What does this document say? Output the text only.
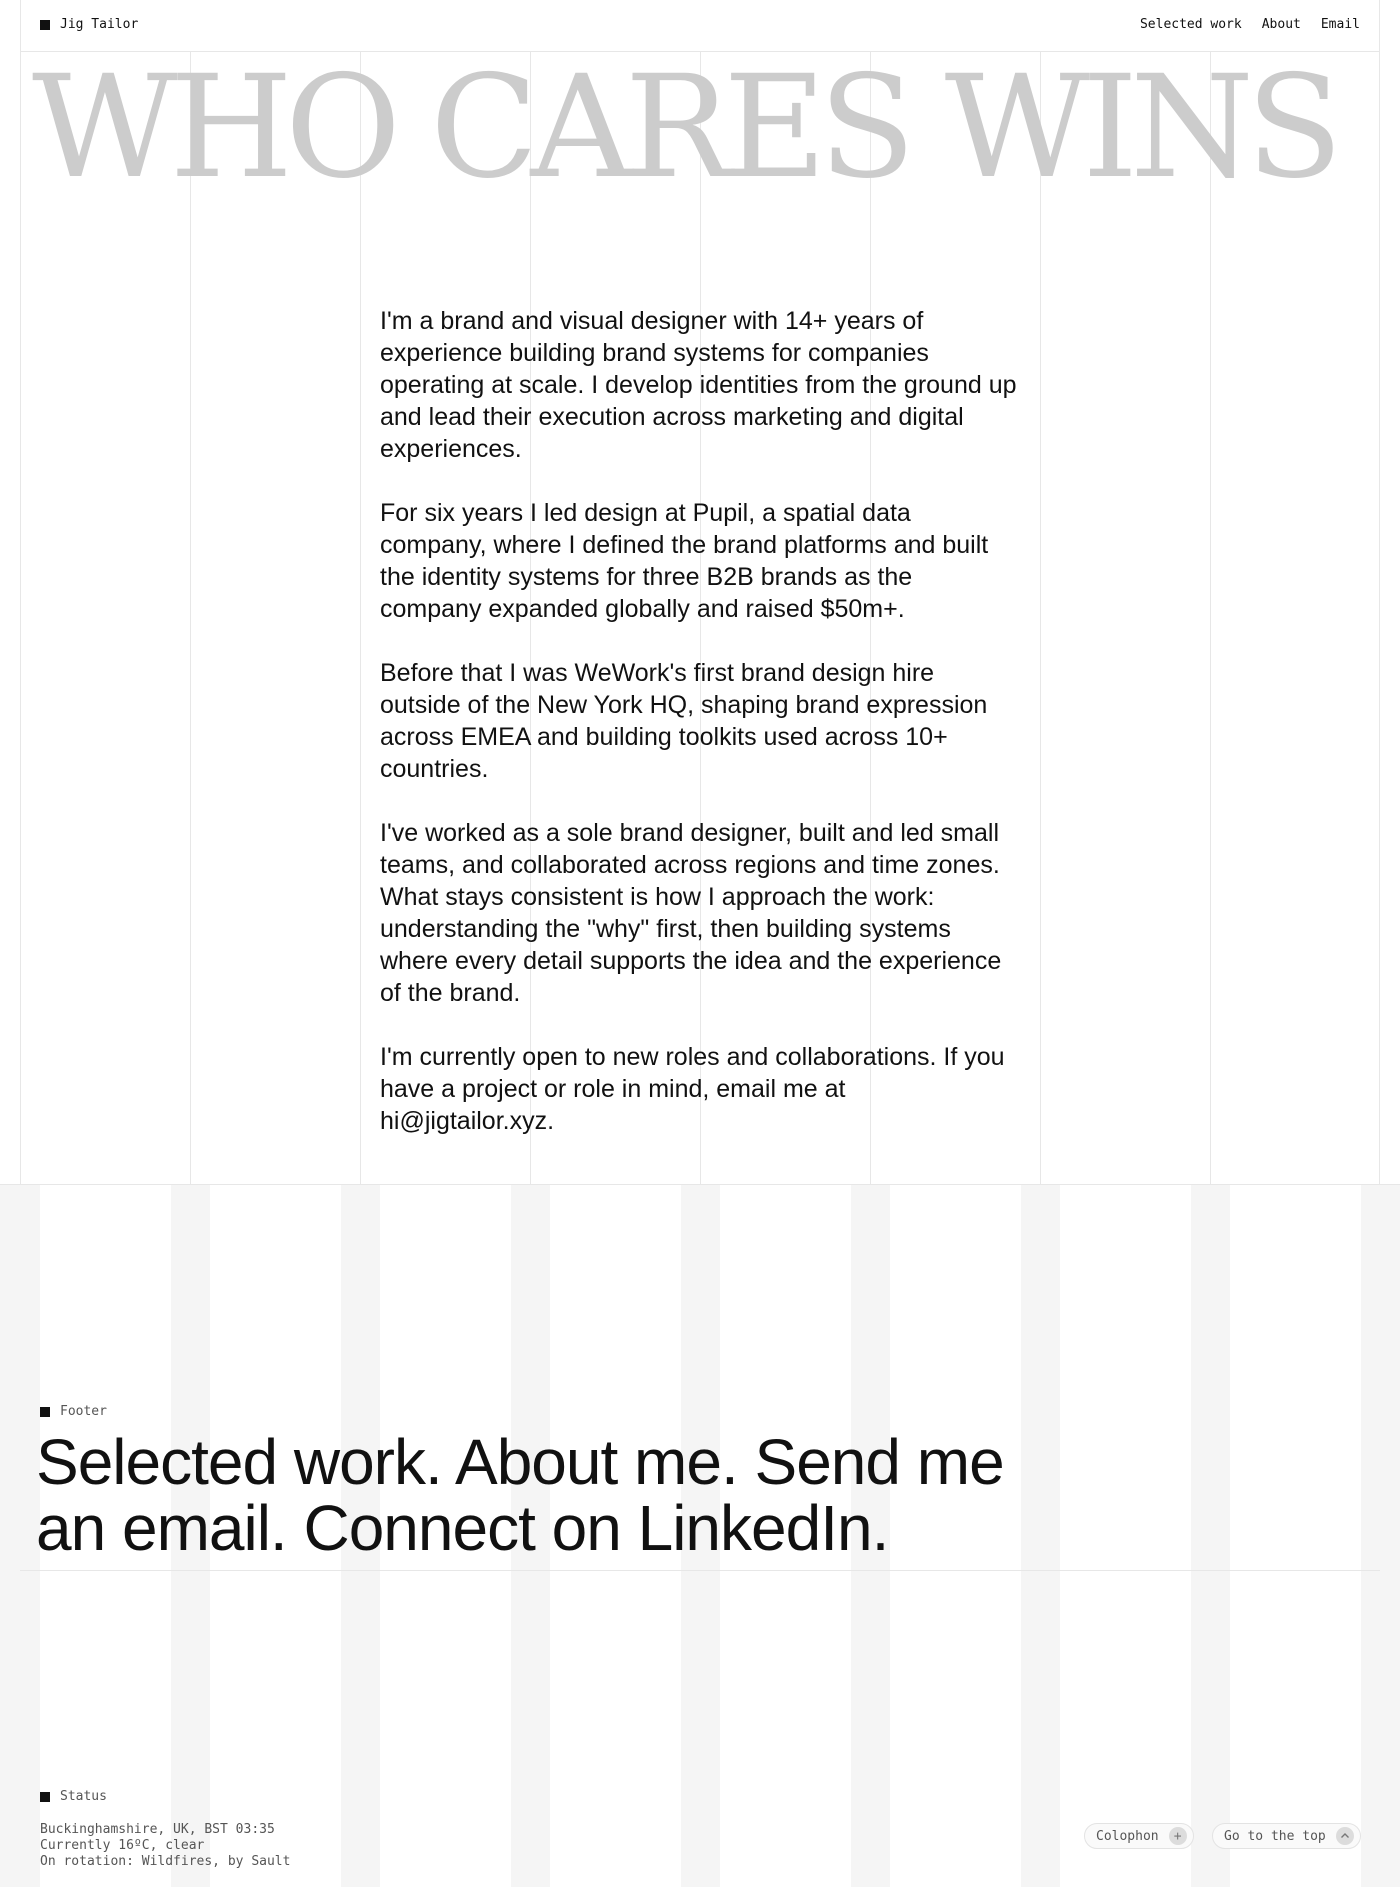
Jig Tailor	Selected work About Email
WHO CARES WINS

I'm a brand and visual designer with 14+ years of experience building brand systems for companies operating at scale. I develop identities from the ground up and lead their execution across marketing and digital experiences.

For six years I led design at Pupil, a spatial data company, where I defined the brand platforms and built the identity systems for three B2B brands as the company expanded globally and raised $50m+.

Before that I was WeWork's first brand design hire outside of the New York HQ, shaping brand expression across EMEA and building toolkits used across 10+ countries.

I've worked as a sole brand designer, built and led small teams, and collaborated across regions and time zones. What stays consistent is how I approach the work: understanding the "why" first, then building systems where every detail supports the idea and the experience of the brand.

I'm currently open to new roles and collaborations. If you have a project or role in mind, email me at hi@jigtailor.xyz.

Footer
Selected work. About me. Send me an email. Connect on LinkedIn.
Status
Buckinghamshire, UK, BST 03:35
Currently 16ºC, clear
On rotation: Wildfires, by Sault
Colophon	+	Go to the top
